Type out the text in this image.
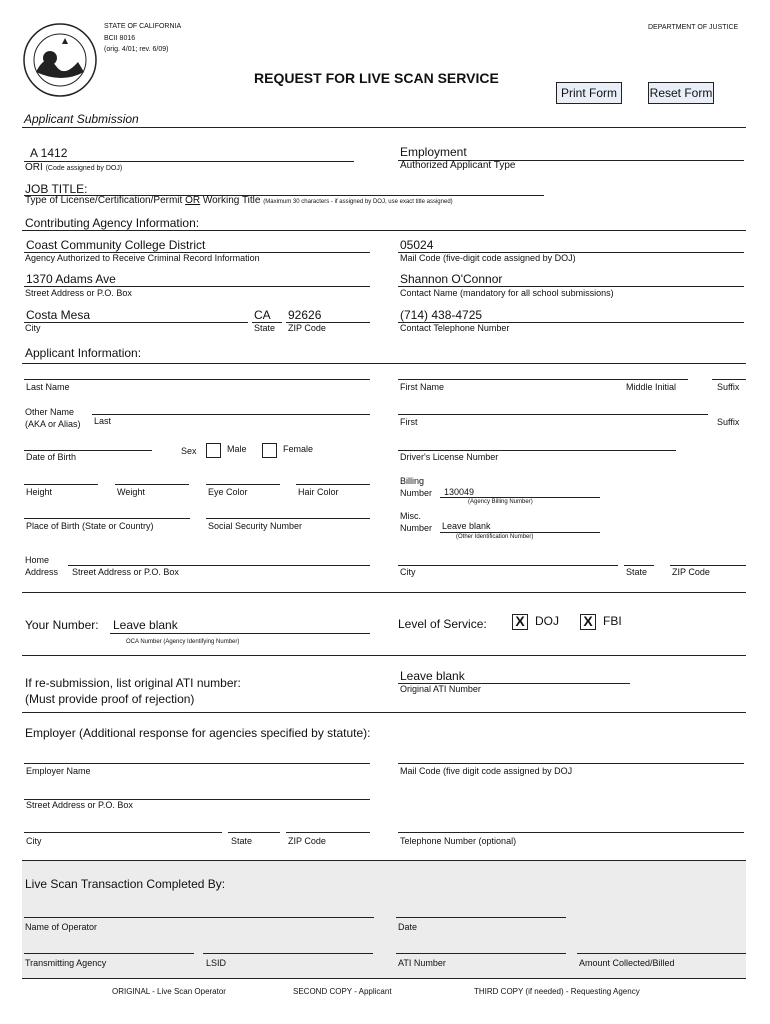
STATE OF CALIFORNIA
BCII 8016
(orig. 4/01; rev. 6/09)
DEPARTMENT OF JUSTICE
REQUEST FOR LIVE SCAN SERVICE
Print Form	Reset Form
Applicant Submission
A 1412
ORI (Code assigned by DOJ)
Employment
Authorized Applicant Type
JOB TITLE:
Type of License/Certification/Permit OR Working Title (Maximum 30 characters - if assigned by DOJ, use exact title assigned)
Contributing Agency Information:
Coast Community College District
Agency Authorized to Receive Criminal Record Information
05024
Mail Code (five-digit code assigned by DOJ)
1370 Adams Ave
Street Address or P.O. Box
Shannon O'Connor
Contact Name (mandatory for all school submissions)
Costa Mesa
City
CA
State
92626
ZIP Code
(714) 438-4725
Contact Telephone Number
Applicant Information:
Last Name	First Name	Middle Initial	Suffix
Other Name
(AKA or Alias) Last	First	Suffix
Date of Birth
Sex	Male	Female
Driver's License Number
Height	Weight	Eye Color	Hair Color
Billing
Number 130049
(Agency Billing Number)
Place of Birth (State or Country)	Social Security Number
Misc.
Number Leave blank
(Other Identification Number)
Home
Address Street Address or P.O. Box	City	State	ZIP Code
Your Number: Leave blank
OCA Number (Agency Identifying Number)
Level of Service: X DOJ X FBI
If re-submission, list original ATI number:
(Must provide proof of rejection)
Leave blank
Original ATI Number
Employer (Additional response for agencies specified by statute):
Employer Name	Mail Code (five digit code assigned by DOJ
Street Address or P.O. Box
City	State	ZIP Code	Telephone Number (optional)
Live Scan Transaction Completed By:
Name of Operator	Date
Transmitting Agency	LSID	ATI Number	Amount Collected/Billed
ORIGINAL - Live Scan Operator	SECOND COPY - Applicant	THIRD COPY (if needed) - Requesting Agency
